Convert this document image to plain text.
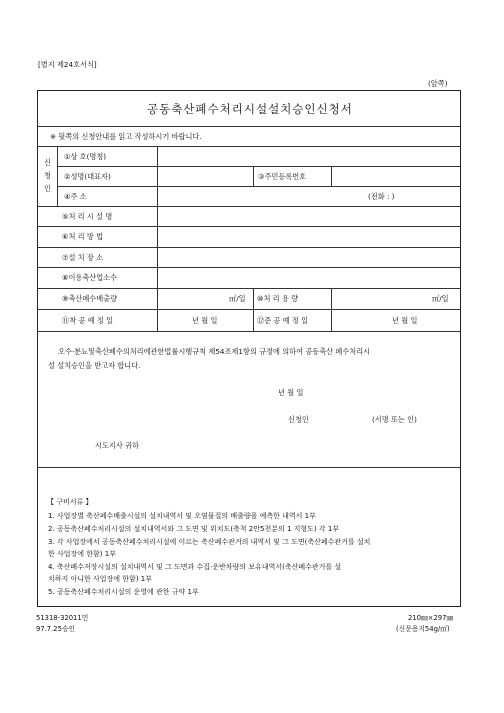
[별지 제24호서식]
(앞쪽)
공동축산폐수처리시설설치승인신청서
※ 뒷쪽의 신청안내를 읽고 작성하시기 바랍니다.
신
청
인
①상 호(명칭)
②성명(대표자)	③주민등록번호
④주 소	(전화 : )
⑤처 리 시 설 명
⑥처 리 방 법
⑦설 치 장 소
⑧이용축산업소수
⑨축산폐수배출량	㎥/일 ⑩처 리 용 량	㎥/일
⑪착 공 예 정 일	년 월 일	⑫준 공 예 정 일	년 월 일
오수·분뇨및축산폐수의처리에관한법률시행규칙 제54조제1항의 규정에 의하여 공동축산 폐수처리시
설 설치승인을 받고자 합니다.
년 월 일
신청인	(서명 또는 인)
시도지사 귀하
【 구비서류 】
1. 사업장별 축산폐수배출시설의 설치내역서 및 오염물질의 배출량을 예측한 내역서 1부
2. 공동축산폐수처리시설의 설치내역서와 그 도면 및 위치도(축척 2만5천분의 1 지형도) 각 1부
3. 각 사업장에서 공동축산폐수처리시설에 이르는 축산폐수관거의 내역서 및 그 도면(축산폐수관거를 설치
한 사업장에 한함) 1부
4. 축산폐수저장시설의 설치내역서 및 그 도면과 수집·운반차량의 보유내역서(축산폐수관거를 설
치하지 아니한 사업장에 한함) 1부
5. 공동축산폐수처리시설의 운영에 관한 규약 1부
51318-32011민
97.7.25승인
210㎜×297㎜
(신문용지54g/㎡)
